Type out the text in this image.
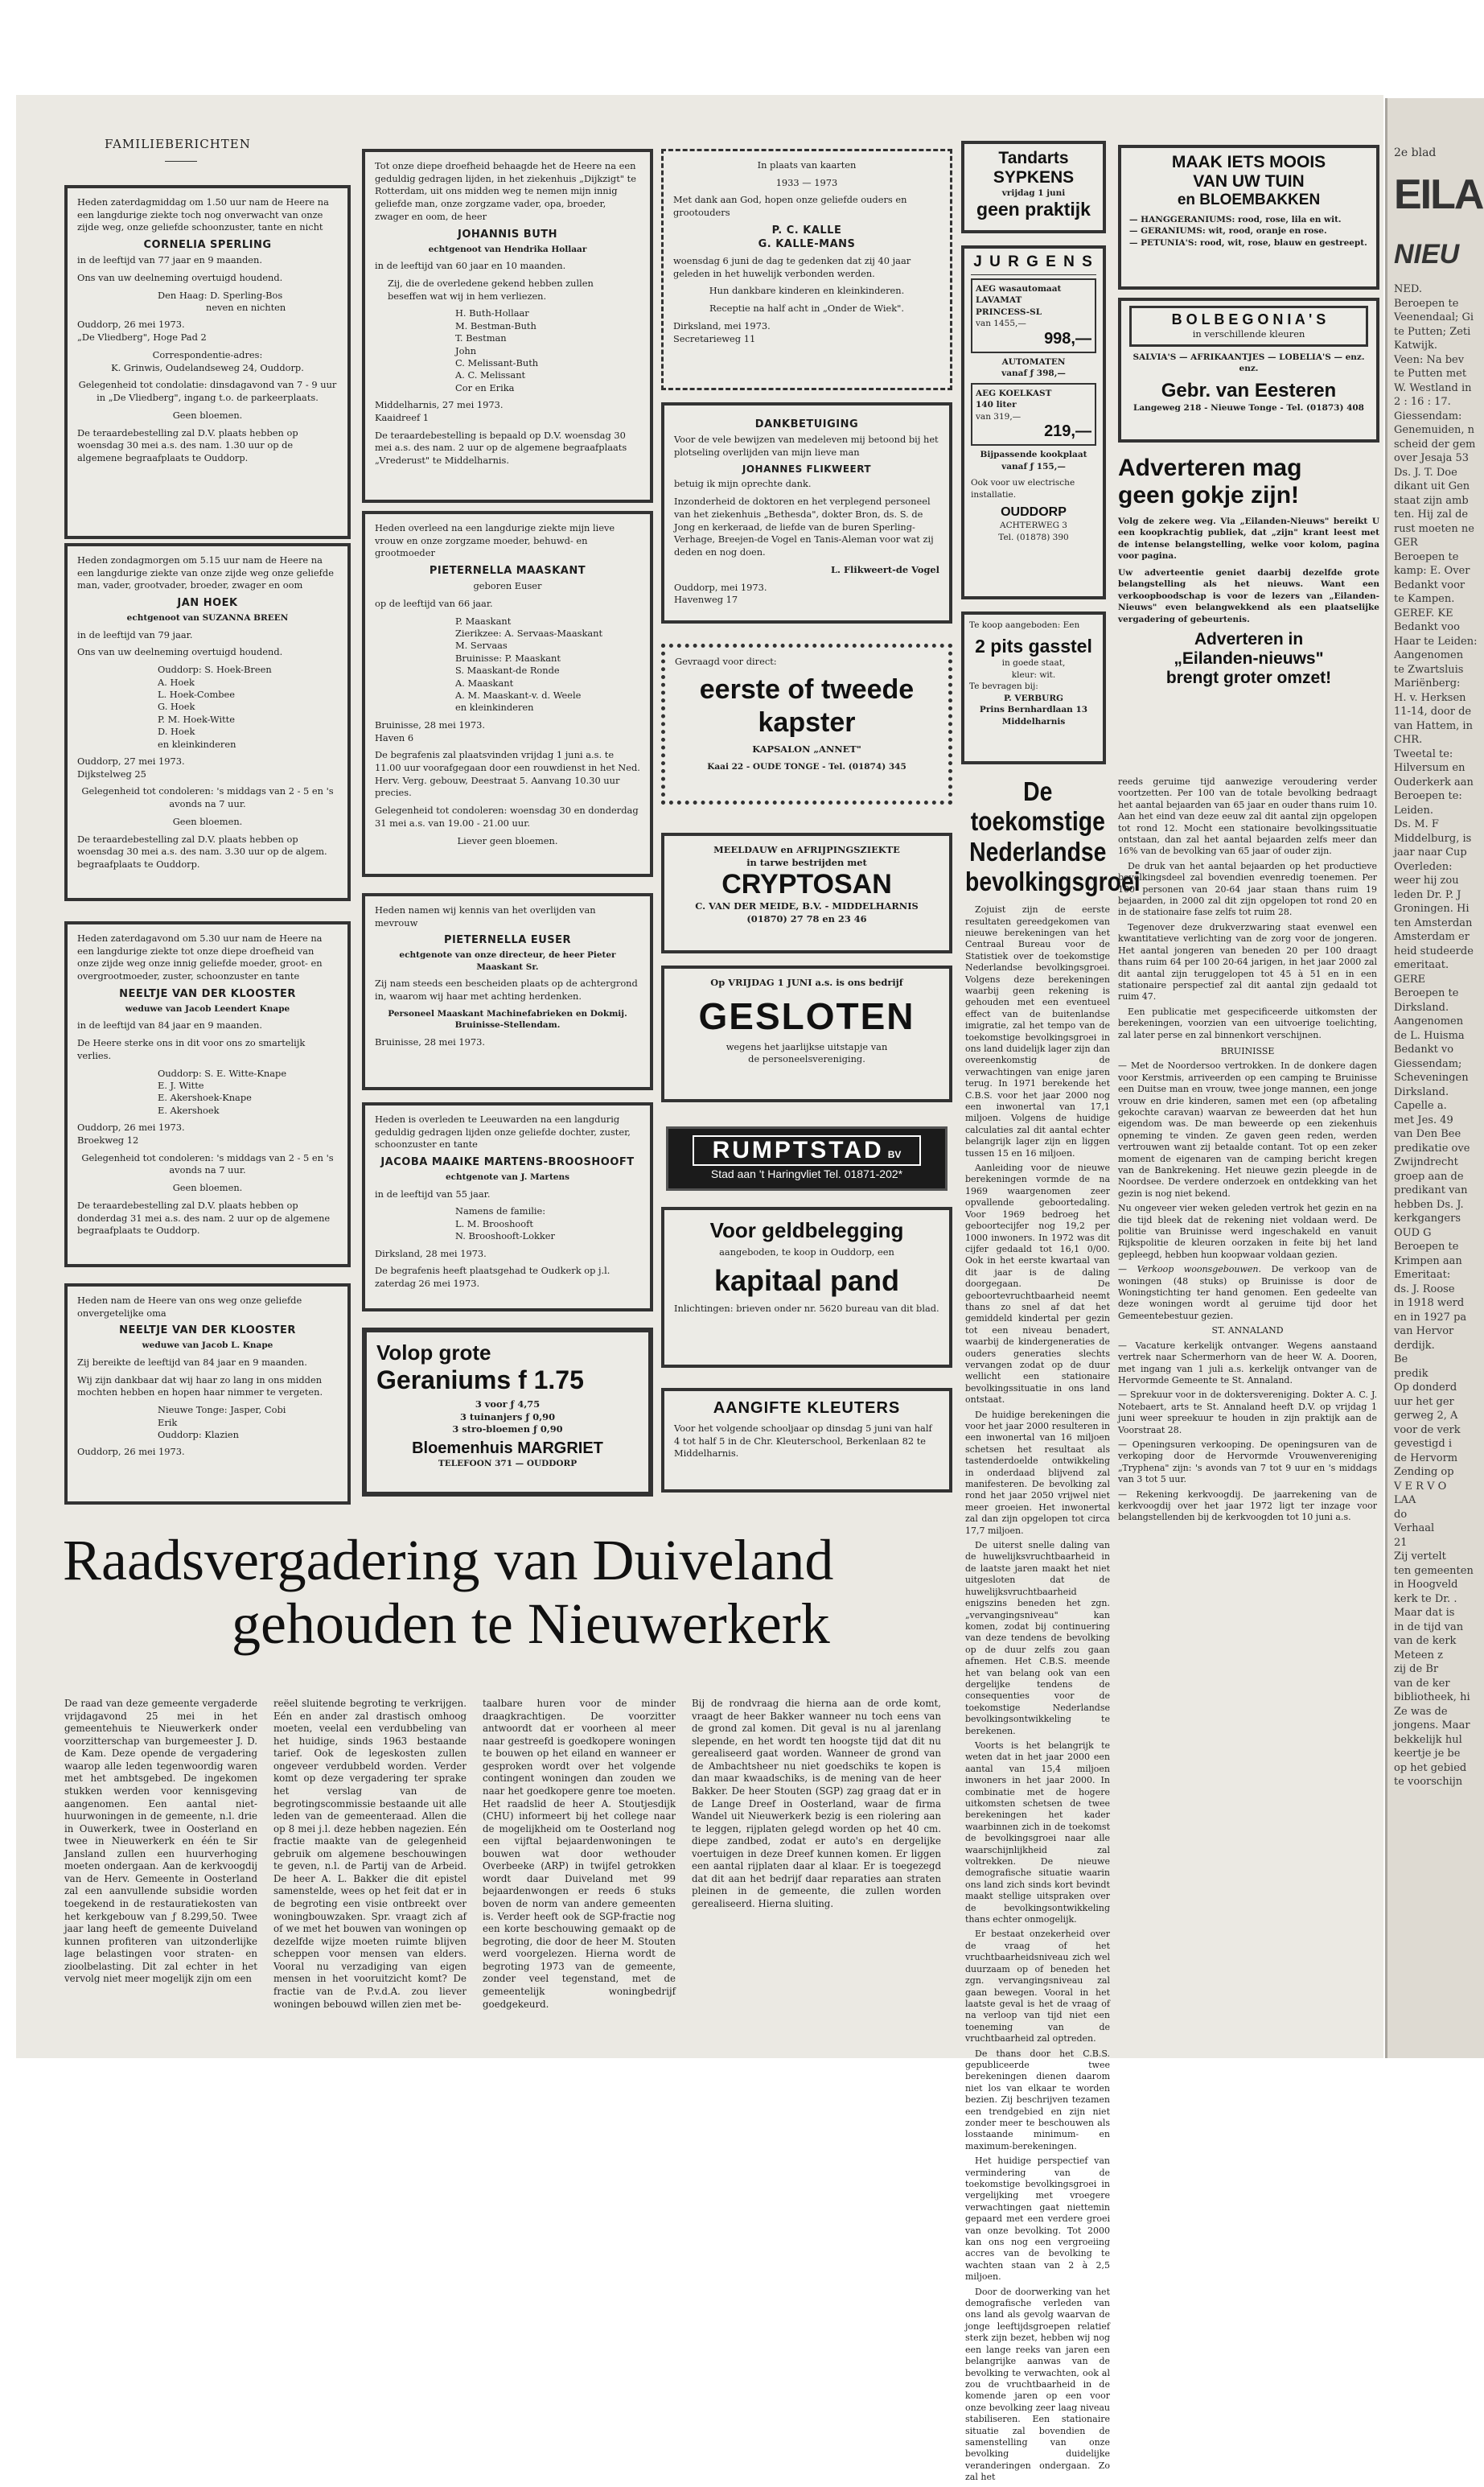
2e blad
EILA
NIEU
NED.
Beroepen te
Veenendaal; Gi
te Putten; Zeti
Katwijk.
Veen: Na bev
te Putten met
W. Westland in
2 : 16 : 17.
Giessendam:
Genemuiden, n
scheid der gem
over Jesaja 53
Ds. J. T. Doe
dikant uit Gen
staat zijn amb
ten. Hij zal de
rust moeten ne
GER
Beroepen te
kamp: E. Over
Bedankt voor
te Kampen.
GEREF. KE
Bedankt voo
Haar te Leiden:
Aangenomen
te Zwartsluis
Mariënberg:
H. v. Herksen
11-14, door de
van Hattem, in
CHR.
Tweetal te:
Hilversum en
Ouderkerk aan
Beroepen te:
Leiden.
Ds. M. F
Middelburg, is
jaar naar Cup
Overleden:
weer hij zou
leden Dr. P. J
Groningen. Hi
ten Amsterdan
Amsterdam er
heid studeerde
emeritaat.
GERE
Beroepen te
Dirksland.
Aangenomen
de L. Huisma
Bedankt vo
Giessendam;
Scheveningen
Dirksland.
Capelle a.
met Jes. 49
van Den Bee
predikatie ove
Zwijndrecht
groep aan de
predikant van
hebben Ds. J.
kerkgangers
OUD G
Beroepen te
Krimpen aan
Emeritaat:
ds. J. Roose
in 1918 werd
en in 1927 pa
van Hervor
derdijk.
Be
predik
Op donderd
uur het ger
gerweg 2, A
voor de verk
gevestigd i
de Hervorm
Zending op
V E R V O
LAA
do
Verhaal
21
Zij vertelt
ten gemeenten
in Hoogveld
kerk te Dr. .
Maar dat is
in de tijd van
van de kerk
Meteen z
zij de Br
van de ker
bibliotheek, hi
Ze was de
jongens. Maar
bekkelijk hul
keertje je be
op het gebied
te voorschijn
FAMILIEBERICHTEN

Heden zaterdagmiddag om 1.50 uur nam de Heere na een langdurige ziekte toch nog onverwacht van onze zijde weg, onze geliefde schoonzuster, tante en nicht

CORNELIA SPERLING

in de leeftijd van 77 jaar en 9 maanden.

Ons van uw deelneming overtuigd houdend.

Den Haag: D. Sperling-Bos
neven en nichten
Ouddorp, 26 mei 1973.
„De Vliedberg", Hoge Pad 2
Correspondentie-adres:
K. Grinwis, Oudelandseweg 24, Ouddorp.

Gelegenheid tot condolatie: dinsdagavond van 7 - 9 uur in „De Vliedberg", ingang t.o. de parkeerplaats.

Geen bloemen.

De teraardebestelling zal D.V. plaats hebben op woensdag 30 mei a.s. des nam. 1.30 uur op de algemene begraafplaats te Ouddorp.

Heden zondagmorgen om 5.15 uur nam de Heere na een langdurige ziekte van onze zijde weg onze geliefde man, vader, grootvader, broeder, zwager en oom

JAN HOEK
echtgenoot van SUZANNA BREEN

in de leeftijd van 79 jaar.

Ons van uw deelneming overtuigd houdend.

Ouddorp: S. Hoek-Breen
A. Hoek
L. Hoek-Combee
G. Hoek
P. M. Hoek-Witte
D. Hoek
en kleinkinderen
Ouddorp, 27 mei 1973.
Dijkstelweg 25

Gelegenheid tot condoleren: 's middags van 2 - 5 en 's avonds na 7 uur.

Geen bloemen.

De teraardebestelling zal D.V. plaats hebben op woensdag 30 mei a.s. des nam. 3.30 uur op de algem. begraafplaats te Ouddorp.

Heden zaterdagavond om 5.30 uur nam de Heere na een langdurige ziekte tot onze diepe droefheid van onze zijde weg onze innig geliefde moeder, groot- en overgrootmoeder, zuster, schoonzuster en tante

NEELTJE VAN DER KLOOSTER
weduwe van Jacob Leendert Knape

in de leeftijd van 84 jaar en 9 maanden.

De Heere sterke ons in dit voor ons zo smartelijk verlies.

Ouddorp: S. E. Witte-Knape
E. J. Witte
E. Akershoek-Knape
E. Akershoek
Ouddorp, 26 mei 1973.
Broekweg 12

Gelegenheid tot condoleren: 's middags van 2 - 5 en 's avonds na 7 uur.

Geen bloemen.

De teraardebestelling zal D.V. plaats hebben op donderdag 31 mei a.s. des nam. 2 uur op de algemene begraafplaats te Ouddorp.

Heden nam de Heere van ons weg onze geliefde onvergetelijke oma

NEELTJE VAN DER KLOOSTER
weduwe van Jacob L. Knape

Zij bereikte de leeftijd van 84 jaar en 9 maanden.

Wij zijn dankbaar dat wij haar zo lang in ons midden mochten hebben en hopen haar nimmer te vergeten.

Nieuwe Tonge: Jasper, Cobi
Erik
Ouddorp: Klazien
Ouddorp, 26 mei 1973.

Tot onze diepe droefheid behaagde het de Heere na een geduldig gedragen lijden, in het ziekenhuis „Dijkzigt" te Rotterdam, uit ons midden weg te nemen mijn innig geliefde man, onze zorgzame vader, opa, broeder, zwager en oom, de heer

JOHANNIS BUTH
echtgenoot van Hendrika Hollaar

in de leeftijd van 60 jaar en 10 maanden.

Zij, die de overledene gekend hebben zullen beseffen wat wij in hem verliezen.

H. Buth-Hollaar
M. Bestman-Buth
T. Bestman
John
C. Melissant-Buth
A. C. Melissant
Cor en Erika
Middelharnis, 27 mei 1973.
Kaaidreef 1

De teraardebestelling is bepaald op D.V. woensdag 30 mei a.s. des nam. 2 uur op de algemene begraafplaats „Vrederust" te Middelharnis.

Heden overleed na een langdurige ziekte mijn lieve vrouw en onze zorgzame moeder, behuwd- en grootmoeder

PIETERNELLA MAASKANT
geboren Euser

op de leeftijd van 66 jaar.

P. Maaskant
Zierikzee: A. Servaas-Maaskant
M. Servaas
Bruinisse: P. Maaskant
S. Maaskant-de Ronde
A. Maaskant
A. M. Maaskant-v. d. Weele
en kleinkinderen
Bruinisse, 28 mei 1973.
Haven 6

De begrafenis zal plaatsvinden vrijdag 1 juni a.s. te 11.00 uur voorafgegaan door een rouwdienst in het Ned. Herv. Verg. gebouw, Deestraat 5. Aanvang 10.30 uur precies.

Gelegenheid tot condoleren: woensdag 30 en donderdag 31 mei a.s. van 19.00 - 21.00 uur.

Liever geen bloemen.

Heden namen wij kennis van het overlijden van mevrouw

PIETERNELLA EUSER
echtgenote van onze directeur, de heer Pieter Maaskant Sr.

Zij nam steeds een bescheiden plaats op de achtergrond in, waarom wij haar met achting herdenken.

Personeel Maaskant Machinefabrieken en Dokmij. Bruinisse-Stellendam.

Bruinisse, 28 mei 1973.

Heden is overleden te Leeuwarden na een langdurig geduldig gedragen lijden onze geliefde dochter, zuster, schoonzuster en tante

JACOBA MAAIKE MARTENS-BROOSHOOFT
echtgenote van J. Martens

in de leeftijd van 55 jaar.

Namens de familie:
L. M. Brooshooft
N. Brooshooft-Lokker
Dirksland, 28 mei 1973.

De begrafenis heeft plaatsgehad te Oudkerk op j.l. zaterdag 26 mei 1973.

Volop grote
Geraniums f 1.75
3 voor ƒ 4,75
3 tuinanjers ƒ 0,90
3 stro-bloemen ƒ 0,90
Bloemenhuis MARGRIET
TELEFOON 371 — OUDDORP
In plaats van kaarten
1933 — 1973

Met dank aan God, hopen onze geliefde ouders en grootouders

P. C. KALLE
G. KALLE-MANS

woensdag 6 juni de dag te gedenken dat zij 40 jaar geleden in het huwelijk verbonden werden.

Hun dankbare kinderen en kleinkinderen.

Receptie na half acht in „Onder de Wiek".

Dirksland, mei 1973.
Secretarieweg 11
DANKBETUIGING

Voor de vele bewijzen van medeleven mij betoond bij het plotseling overlijden van mijn lieve man

JOHANNES FLIKWEERT

betuig ik mijn oprechte dank.

Inzonderheid de doktoren en het verplegend personeel van het ziekenhuis „Bethesda", dokter Bron, ds. S. de Jong en kerkeraad, de liefde van de buren Sperling-Verhage, Breejen-de Vogel en Tanis-Aleman voor wat zij deden en nog doen.

L. Flikweert-de Vogel
Ouddorp, mei 1973.
Havenweg 17
Gevraagd voor direct:
eerste of tweede kapster
KAPSALON „ANNET"
Kaai 22 - OUDE TONGE - Tel. (01874) 345
MEELDAUW en AFRIJPINGSZIEKTE
in tarwe bestrijden met
CRYPTOSAN
C. VAN DER MEIDE, B.V. - MIDDELHARNIS
(01870) 27 78 en 23 46
Op VRIJDAG 1 JUNI a.s. is ons bedrijf
GESLOTEN
wegens het jaarlijkse uitstapje van
de personeelsvereniging.
RUMPTSTAD BV
Stad aan 't Haringvliet Tel. 01871-202*
Voor geldbelegging
aangeboden, te koop in Ouddorp, een
kapitaal pand

Inlichtingen: brieven onder nr. 5620 bureau van dit blad.

AANGIFTE KLEUTERS

Voor het volgende schooljaar op dinsdag 5 juni van half 4 tot half 5 in de Chr. Kleuterschool, Berkenlaan 82 te Middelharnis.

Tandarts
SYPKENS
vrijdag 1 juni
geen praktijk
J U R G E N S
AEG wasautomaat
LAVAMAT
PRINCESS-SL
van 1455,—
998,—
AUTOMATEN
vanaf ƒ 398,—
AEG KOELKAST
140 liter
van 319,—
219,—
Bijpassende kookplaat vanaf ƒ 155,—
Ook voor uw electrische installatie.
OUDDORP
ACHTERWEG 3
Tel. (01878) 390
Te koop aangeboden: Een
2 pits gasstel
in goede staat,
kleur: wit.
Te bevragen bij:
P. VERBURG
Prins Bernhardlaan 13
Middelharnis
De toekomstige Nederlandse bevolkingsgroei

Zojuist zijn de eerste resultaten gereedgekomen van nieuwe berekeningen van het Centraal Bureau voor de Statistiek over de toekomstige Nederlandse bevolkingsgroei. Volgens deze berekeningen waarbij geen rekening is gehouden met een eventueel effect van de buitenlandse imigratie, zal het tempo van de toekomstige bevolkingsgroei in ons land duidelijk lager zijn dan overeenkomstig de verwachtingen van enige jaren terug. In 1971 berekende het C.B.S. voor het jaar 2000 nog een inwonertal van 17,1 miljoen. Volgens de huidige calculaties zal dit aantal echter belangrijk lager zijn en liggen tussen 15 en 16 miljoen.

Aanleiding voor de nieuwe berekeningen vormde de na 1969 waargenomen zeer opvallende geboortedaling. Voor 1969 bedroeg het geboortecijfer nog 19,2 per 1000 inwoners. In 1972 was dit cijfer gedaald tot 16,1 0/00. Ook in het eerste kwartaal van dit jaar is de daling doorgegaan. De geboortevruchtbaarheid neemt thans zo snel af dat het gemiddeld kindertal per gezin tot een niveau benadert, waarbij de kindergeneraties de ouders generaties slechts vervangen zodat op de duur wellicht een stationaire bevolkingssituatie in ons land ontstaat.

De huidige berekeningen die voor het jaar 2000 resulteren in een inwonertal van 16 miljoen schetsen het resultaat als tastenderdoelde ontwikkeling in onderdaad blijvend zal manifesteren. De bevolking zal rond het jaar 2050 vrijwel niet meer groeien. Het inwonertal zal dan zijn opgelopen tot circa 17,7 miljoen.

De uiterst snelle daling van de huwelijksvruchtbaarheid in de laatste jaren maakt het niet uitgesloten dat de huwelijksvruchtbaarheid enigszins beneden het zgn. „vervangingsniveau" kan komen, zodat bij continuering van deze tendens de bevolking op de duur zelfs zou gaan afnemen. Het C.B.S. meende het van belang ook van een dergelijke tendens de consequenties voor de toekomstige Nederlandse bevolkingsontwikkeling te berekenen.

Voorts is het belangrijk te weten dat in het jaar 2000 een aantal van 15,4 miljoen inwoners in het jaar 2000. In combinatie met de hogere uitkomsten schetsen de twee berekeningen het kader waarbinnen zich in de toekomst de bevolkingsgroei naar alle waarschijnlijkheid zal voltrekken. De nieuwe demografische situatie waarin ons land zich sinds kort bevindt maakt stellige uitspraken over de bevolkingsontwikkeling thans echter onmogelijk.

Er bestaat onzekerheid over de vraag of het vruchtbaarheidsniveau zich wel duurzaam op of beneden het zgn. vervangingsniveau zal gaan bewegen. Vooral in het laatste geval is het de vraag of na verloop van tijd niet een toeneming van de vruchtbaarheid zal optreden.

De thans door het C.B.S. gepubliceerde twee berekeningen dienen daarom niet los van elkaar te worden bezien. Zij beschrijven tezamen een trendgebied en zijn niet zonder meer te beschouwen als losstaande minimum- en maximum-berekeningen.

Het huidige perspectief van vermindering van de toekomstige bevolkingsgroei in vergelijking met vroegere verwachtingen gaat niettemin gepaard met een verdere groei van onze bevolking. Tot 2000 kan ons nog een vergroeiing accres van de bevolking te wachten staan van 2 à 2,5 miljoen.

Door de doorwerking van het demografische verleden van ons land als gevolg waarvan de jonge leeftijdsgroepen relatief sterk zijn bezet, hebben wij nog een lange reeks van jaren een belangrijke aanwas van de bevolking te verwachten, ook al zou de vruchtbaarheid in de komende jaren op een voor onze bevolking zeer laag niveau stabiliseren. Een stationaire situatie zal bovendien de samenstelling van onze bevolking duidelijke veranderingen ondergaan. Zo zal het

MAAK IETS MOOIS
VAN UW TUIN
en BLOEMBAKKEN
— HANGGERANIUMS: rood, rose, lila en wit.
— GERANIUMS: wit, rood, oranje en rose.
— PETUNIA'S: rood, wit, rose, blauw en gestreept.
B O L B E G O N I A ' S
in verschillende kleuren
SALVIA'S — AFRIKAANTJES — LOBELIA'S — enz. enz.
Gebr. van Eesteren
Langeweg 218 - Nieuwe Tonge - Tel. (01873) 408
Adverteren mag
geen gokje zijn!

Volg de zekere weg. Via „Eilanden-Nieuws" bereikt U een koopkrachtig publiek, dat „zijn" krant leest met de intense belangstelling, welke voor kolom, pagina voor pagina.

Uw adverteentie geniet daarbij dezelfde grote belangstelling als het nieuws. Want een verkoopboodschap is voor de lezers van „Eilanden-Nieuws" even belangwekkend als een plaatselijke vergadering of gebeurtenis.

Adverteren in
„Eilanden-nieuws"
brengt groter omzet!

reeds geruime tijd aanwezige veroudering verder voortzetten. Per 100 van de totale bevolking bedraagt het aantal bejaarden van 65 jaar en ouder thans ruim 10. Aan het eind van deze eeuw zal dit aantal zijn opgelopen tot rond 12. Mocht een stationaire bevolkingssituatie ontstaan, dan zal het aantal bejaarden zelfs meer dan 16% van de bevolking van 65 jaar of ouder zijn.

De druk van het aantal bejaarden op het productieve bevolkingsdeel zal bovendien evenredig toenemen. Per 100 personen van 20-64 jaar staan thans ruim 19 bejaarden, in 2000 zal dit zijn opgelopen tot rond 20 en in de stationaire fase zelfs tot ruim 28.

Tegenover deze drukverzwaring staat evenwel een kwantitatieve verlichting van de zorg voor de jongeren. Het aantal jongeren van beneden 20 per 100 draagt thans ruim 64 per 100 20-64 jarigen, in het jaar 2000 zal dit aantal zijn teruggelopen tot 45 à 51 en in een stationaire perspectief zal dit aantal zijn gedaald tot ruim 47.

Een publicatie met gespecificeerde uitkomsten der berekeningen, voorzien van een uitvoerige toelichting, zal later perse en zal binnenkort verschijnen.

BRUINISSE

— Met de Noordersoo vertrokken. In de donkere dagen voor Kerstmis, arriveerden op een camping te Bruinisse een Duitse man en vrouw, twee jonge mannen, een jonge vrouw en drie kinderen, samen met een (op afbetaling gekochte caravan) waarvan ze beweerden dat het hun eigendom was. De man beweerde op een ziekenhuis opneming te vinden. Ze gaven geen reden, werden vertrouwen want zij betaalde contant. Tot op een zeker moment de eigenaren van de camping bericht kregen van de Bankrekening. Het nieuwe gezin pleegde in de Noordsee. De verdere onderzoek en ontdekking van het gezin is nog niet bekend.

Nu ongeveer vier weken geleden vertrok het gezin en na die tijd bleek dat de rekening niet voldaan werd. De politie van Bruinisse werd ingeschakeld en vanuit Rijkspolitie de kleuren oorzaken in feite bij het land gepleegd, hebben hun koopwaar voldaan gezien.

— Verkoop woonsgebouwen. De verkoop van de woningen (48 stuks) op Bruinisse is door de Woningstichting ter hand genomen. Een gedeelte van deze woningen wordt al geruime tijd door het Gemeentebestuur gezien.

ST. ANNALAND

— Vacature kerkelijk ontvanger. Wegens aanstaand vertrek naar Schermerhorn van de heer W. A. Dooren, met ingang van 1 juli a.s. kerkelijk ontvanger van de Hervormde Gemeente te St. Annaland.

— Sprekuur voor in de doktersvereniging. Dokter A. C. J. Notebaert, arts te St. Annaland heeft D.V. op vrijdag 1 juni weer spreekuur te houden in zijn praktijk aan de Voorstraat 28.

— Openingsuren verkooping. De openingsuren van de verkoping door de Hervormde Vrouwenvereniging „Tryphena" zijn: 's avonds van 7 tot 9 uur en 's middags van 3 tot 5 uur.

— Rekening kerkvoogdij. De jaarrekening van de kerkvoogdij over het jaar 1972 ligt ter inzage voor belangstellenden bij de kerkvoogden tot 10 juni a.s.

Raadsvergadering van Duiveland
gehouden te Nieuwerkerk
De raad van deze gemeente vergaderde vrijdagavond 25 mei in het gemeentehuis te Nieuwerkerk onder voorzitterschap van burgemeester J. D. de Kam. Deze opende de vergadering waarop alle leden tegenwoordig waren met het ambtsgebed. De ingekomen stukken werden voor kennisgeving aangenomen. Een aantal niet-huurwoningen in de gemeente, n.l. drie in Ouwerkerk, twee in Oosterland en twee in Nieuwerkerk en één te Sir Jansland zullen een huurverhoging moeten ondergaan. Aan de kerkvoogdij van de Herv. Gemeente in Oosterland zal een aanvullende subsidie worden toegekend in de restauratiekosten van het kerkgebouw van ƒ 8.299,50. Twee jaar lang heeft de gemeente Duiveland kunnen profiteren van uitzonderlijke lage belastingen voor straten- en zioolbelasting. Dit zal echter in het vervolg niet meer mogelijk zijn om een
reëel sluitende begroting te verkrijgen. Eén en ander zal drastisch omhoog moeten, veelal een verdubbeling van het huidige, sinds 1963 bestaande tarief. Ook de legeskosten zullen ongeveer verdubbeld worden. Verder komt op deze vergadering ter sprake het verslag van de begrotingscommissie bestaande uit alle leden van de gemeenteraad. Allen die op 8 mei j.l. deze hebben nagezien. Eén fractie maakte van de gelegenheid gebruik om algemene beschouwingen te geven, n.l. de Partij van de Arbeid. De heer A. L. Bakker die dit epistel samenstelde, wees op het feit dat er in de begroting een visie ontbreekt over woningbouwzaken. Spr. vraagt zich af of we met het bouwen van woningen op dezelfde wijze moeten ruimte blijven scheppen voor mensen van elders. Vooral nu verzadiging van eigen mensen in het vooruitzicht komt? De fractie van de P.v.d.A. zou liever woningen bebouwd willen zien met be-
taalbare huren voor de minder draagkrachtigen. De voorzitter antwoordt dat er voorheen al meer naar gestreefd is goedkopere woningen te bouwen op het eiland en wanneer er gesproken wordt over het volgende contingent woningen dan zouden we naar het goedkopere genre toe moeten. Het raadslid de heer A. Stoutjesdijk (CHU) informeert bij het college naar de mogelijkheid om te Oosterland nog een vijftal bejaardenwoningen te bouwen wat door wethouder Overbeeke (ARP) in twijfel getrokken wordt daar Duiveland met 99 bejaardenwongen er reeds 6 stuks boven de norm van andere gemeenten is. Verder heeft ook de SGP-fractie nog een korte beschouwing gemaakt op de begroting, die door de heer M. Stouten werd voorgelezen. Hierna wordt de begroting 1973 van de gemeente, zonder veel tegenstand, met de gemeentelijk woningbedrijf goedgekeurd.
Bij de rondvraag die hierna aan de orde komt, vraagt de heer Bakker wanneer nu toch eens van de grond zal komen. Dit geval is nu al jarenlang slepende, en het wordt ten hoogste tijd dat dit nu gerealiseerd gaat worden. Wanneer de grond van de Ambachtsheer nu niet goedschiks te kopen is dan maar kwaadschiks, is de mening van de heer Bakker. De heer Stouten (SGP) zag graag dat er in de Lange Dreef in Oosterland, waar de firma Wandel uit Nieuwerkerk bezig is een riolering aan te leggen, rijplaten gelegd worden op het 40 cm. diepe zandbed, zodat er auto's en dergelijke voertuigen in deze Dreef kunnen komen. Er liggen een aantal rijplaten daar al klaar. Er is toegezegd dat dit aan het bedrijf daar reparaties aan straten pleinen in de gemeente, die zullen worden gerealiseerd. Hierna sluiting.
